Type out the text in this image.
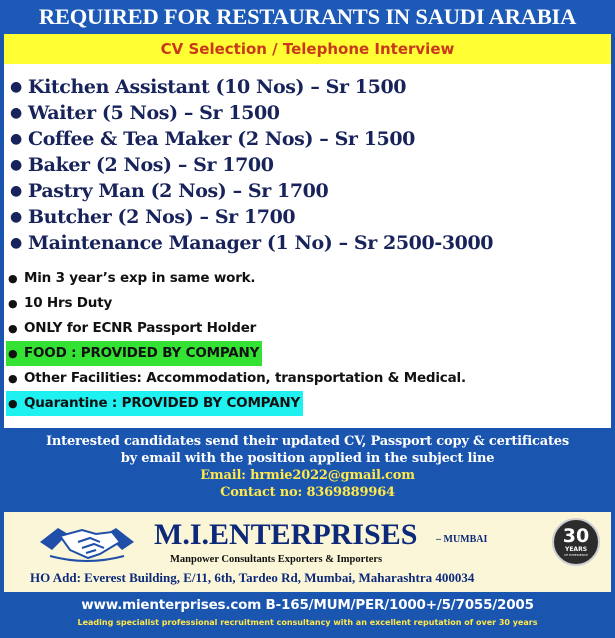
REQUIRED FOR RESTAURANTS IN SAUDI ARABIA
CV Selection / Telephone Interview
● Kitchen Assistant (10 Nos) – Sr 1500
● Waiter (5 Nos) – Sr 1500
● Coffee & Tea Maker (2 Nos) – Sr 1500
● Baker (2 Nos) – Sr 1700
● Pastry Man (2 Nos) – Sr 1700
● Butcher (2 Nos) – Sr 1700
● Maintenance Manager (1 No) – Sr 2500-3000
● Min 3 year’s exp in same work.
● 10 Hrs Duty
● ONLY for ECNR Passport Holder
● FOOD : PROVIDED BY COMPANY
● Other Facilities: Accommodation, transportation & Medical.
● Quarantine : PROVIDED BY COMPANY
Interested candidates send their updated CV, Passport copy & certificates
by email with the position applied in the subject line
Email: hrmie2022@gmail.com
Contact no: 8369889964
M.I.ENTERPRISES – MUMBAI
Manpower Consultants Exporters & Importers
HO Add: Everest Building, E/11, 6th, Tardeo Rd, Mumbai, Maharashtra 400034
30
YEARS
OF EXPERIENCE
www.mienterprises.com B-165/MUM/PER/1000+/5/7055/2005
Leading specialist professional recruitment consultancy with an excellent reputation of over 30 years
